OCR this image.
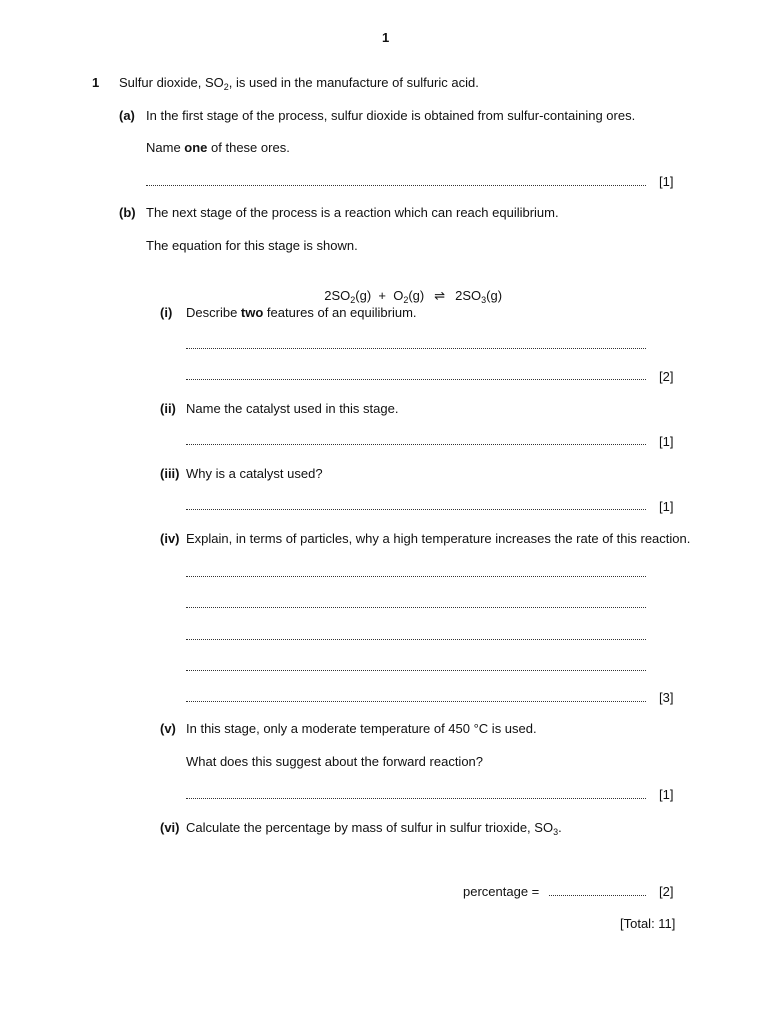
1
1 Sulfur dioxide, $SO_2$, is used in the manufacture of sulfuric acid.
(a) In the first stage of the process, sulfur dioxide is obtained from sulfur-containing ores.
Name one of these ores.
[1]
(b) The next stage of the process is a reaction which can reach equilibrium.
The equation for this stage is shown.

$2SO_2(g) + O_2(g)$ ⇌ $2SO_3(g)$

(i) Describe two features of an equilibrium.
[2]
(ii) Name the catalyst used in this stage.
[1]
(iii) Why is a catalyst used?
[1]
(iv) Explain, in terms of particles, why a high temperature increases the rate of this reaction.
[3]
(v) In this stage, only a moderate temperature of 450 °C is used.
What does this suggest about the forward reaction?
[1]
(vi) Calculate the percentage by mass of sulfur in sulfur trioxide, $SO_3$.
percentage =	[2]
[Total: 11]
